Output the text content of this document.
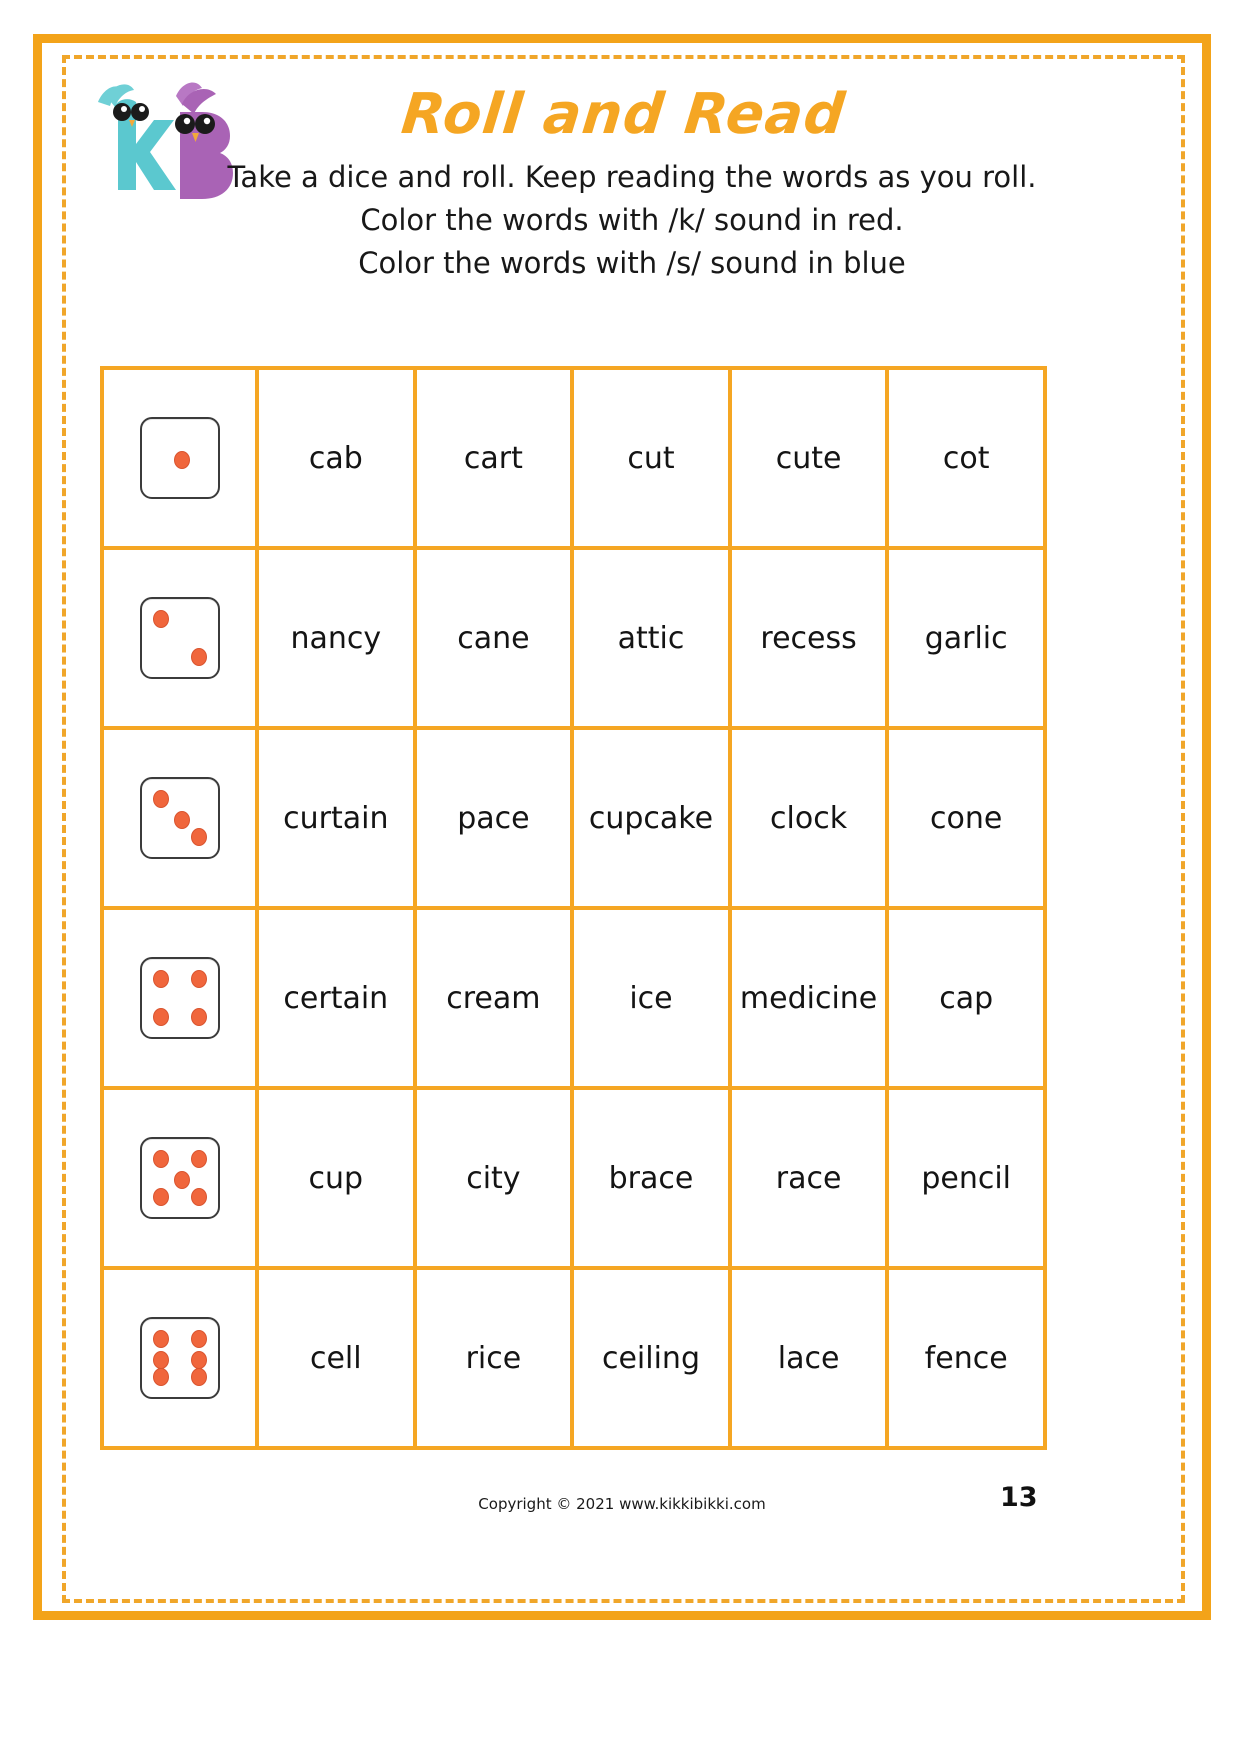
Roll and Read
Take a dice and roll. Keep reading the words as you roll.
Color the words with /k/ sound in red.
Color the words with /s/ sound in blue
	cab	cart	cut	cute	cot

	nancy	cane	attic	recess	garlic

	curtain	pace	cupcake	clock	cone

	certain	cream	ice	medicine	cap

	cup	city	brace	race	pencil

	cell	rice	ceiling	lace	fence
Copyright © 2021 www.kikkibikki.com	13
